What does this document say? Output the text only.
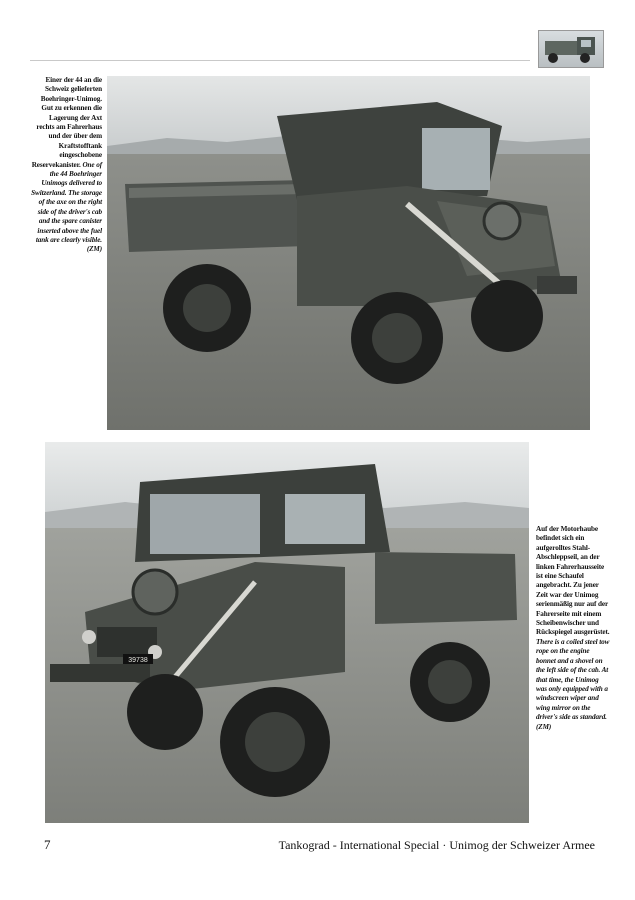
Einer der 44 an die Schweiz gelieferten Boehringer-Unimog. Gut zu erkennen die Lagerung der Axt rechts am Fahrerhaus und der über dem Kraftstofftank eingeschobene Reservekanister. One of the 44 Boehringer Unimogs delivered to Switzerland. The storage of the axe on the right side of the driver's cab and the spare canister inserted above the fuel tank are clearly visible. (ZM)
39738
Auf der Motorhaube befindet sich ein aufgerolltes Stahl-Abschleppseil, an der linken Fahrerhausseite ist eine Schaufel angebracht. Zu jener Zeit war der Unimog serienmäßig nur auf der Fahrerseite mit einem Scheibenwischer und Rückspiegel ausgerüstet. There is a coiled steel tow rope on the engine bonnet and a shovel on the left side of the cab. At that time, the Unimog was only equipped with a windscreen wiper and wing mirror on the driver's side as standard. (ZM)
7	Tankograd - International Special · Unimog der Schweizer Armee
